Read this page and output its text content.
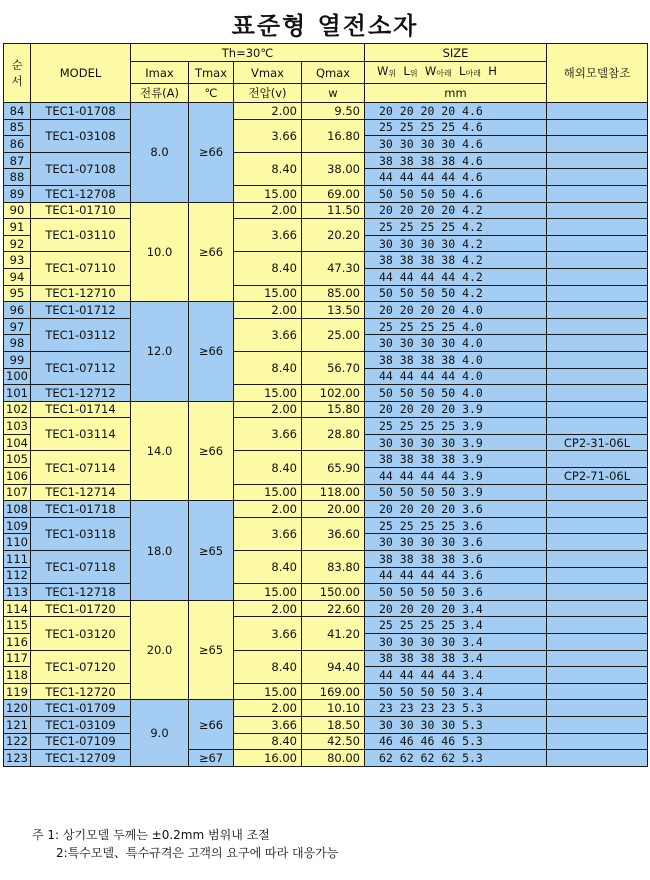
표준형 열전소자
순
서	MODEL	Th=30℃				SIZE	해외모델참조
		Imax	Tmax	Vmax	Qmax	$W_위$ $L_위$ $W_{아래}$ $L_{아래}$ H	
		전류(A)	℃	전압(v)	w	mm	
84	TEC1-01708	8.0	≥66	2.00	9.50	20 20 20 20 4.6	
85	TEC1-03108			3.66	16.80	25 25 25 25 4.6	
86						30 30 30 30 4.6	
87	TEC1-07108			8.40	38.00	38 38 38 38 4.6	
88						44 44 44 44 4.6	
89	TEC1-12708			15.00	69.00	50 50 50 50 4.6	
90	TEC1-01710	10.0	≥66	2.00	11.50	20 20 20 20 4.2	
91	TEC1-03110			3.66	20.20	25 25 25 25 4.2	
92						30 30 30 30 4.2	
93	TEC1-07110			8.40	47.30	38 38 38 38 4.2	
94						44 44 44 44 4.2	
95	TEC1-12710			15.00	85.00	50 50 50 50 4.2	
96	TEC1-01712	12.0	≥66	2.00	13.50	20 20 20 20 4.0	
97	TEC1-03112			3.66	25.00	25 25 25 25 4.0	
98						30 30 30 30 4.0	
99	TEC1-07112			8.40	56.70	38 38 38 38 4.0	
100						44 44 44 44 4.0	
101	TEC1-12712			15.00	102.00	50 50 50 50 4.0	
102	TEC1-01714	14.0	≥66	2.00	15.80	20 20 20 20 3.9	
103	TEC1-03114			3.66	28.80	25 25 25 25 3.9	
104						30 30 30 30 3.9	CP2-31-06L
105	TEC1-07114			8.40	65.90	38 38 38 38 3.9	
106						44 44 44 44 3.9	CP2-71-06L
107	TEC1-12714			15.00	118.00	50 50 50 50 3.9	
108	TEC1-01718	18.0	≥65	2.00	20.00	20 20 20 20 3.6	
109	TEC1-03118			3.66	36.60	25 25 25 25 3.6	
110						30 30 30 30 3.6	
111	TEC1-07118			8.40	83.80	38 38 38 38 3.6	
112						44 44 44 44 3.6	
113	TEC1-12718			15.00	150.00	50 50 50 50 3.6	
114	TEC1-01720	20.0	≥65	2.00	22.60	20 20 20 20 3.4	
115	TEC1-03120			3.66	41.20	25 25 25 25 3.4	
116						30 30 30 30 3.4	
117	TEC1-07120			8.40	94.40	38 38 38 38 3.4	
118						44 44 44 44 3.4	
119	TEC1-12720			15.00	169.00	50 50 50 50 3.4	
120	TEC1-01709	9.0	≥66	2.00	10.10	23 23 23 23 5.3	
121	TEC1-03109			3.66	18.50	30 30 30 30 5.3	
122	TEC1-07109			8.40	42.50	46 46 46 46 5.3	
123	TEC1-12709		≥67	16.00	80.00	62 62 62 62 5.3	
주 1: 상기모델 두께는 ±0.2mm 범위내 조절
2:특수모델、특수규격은 고객의 요구에 따라 대응가능
